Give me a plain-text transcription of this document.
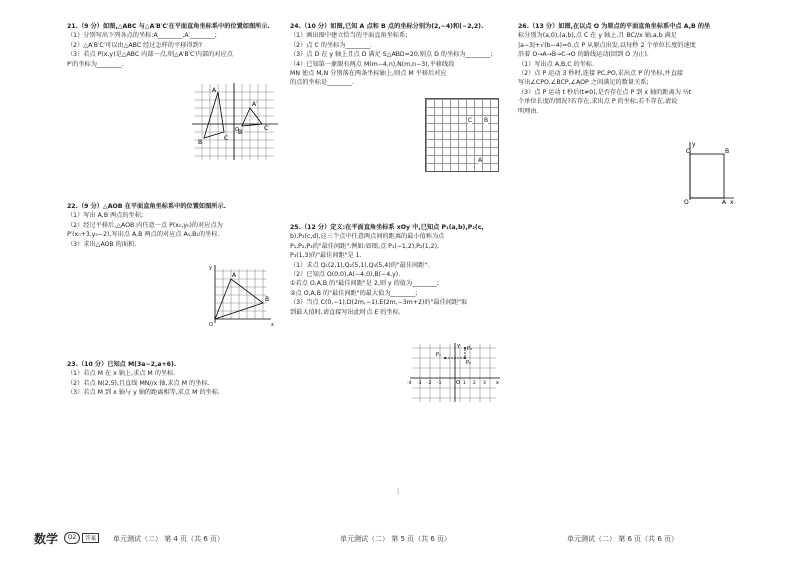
21.（9 分）如图,△ABC 与△A′B′C′在平面直角坐标系中的位置如图所示.

（1）分别写出下列各点的坐标:A________,A′________;

（2）△A′B′C′可以由△ABC 经过怎样的平移得到?

（3）若点 P(x,y)是△ABC 内部一点,则△A′B′C′内部的对应点

P′的坐标为________.

22.（9 分）△AOB 在平面直角坐标系中的位置如图所示.

（1）写出 A,B 两点的坐标;

（2）经过平移后,△AOB 内任意一点 P(x₀,y₀)的对应点为

P′(x₀+3,y₀−2),写出点 A,B 两点的对应点 A₁,B₁的坐标.

（3）求出△AOB 的面积.

23.（10 分）已知点 M(3a−2,a+6).

（1）若点 M 在 x 轴上,求点 M 的坐标.

（2）若点 N(2,5),且直线 MN//x 轴,求点 M 的坐标.

（3）若点 M 到 x 轴与 y 轴的距离相等,求点 M 的坐标.

A
A′
B
C
B′
C′
O
A
B
O	x
y

24.（10 分）如图,已知 A 点和 B 点的坐标分别为(2,−4)和(−2,2).

（1）画出图中建立恰当的平面直角坐标系;

（2）点 C 的坐标为________.

（3）点 D 在 y 轴上且点 D 满足 S△ABD=20,则点 D 的坐标为________;

（4）已知第一象限有两点 M(m−4,n),N(m,n−3),平移线段

MN 使点 M,N 分别落在两条坐标轴上,则点 M 平移后对应

的点的坐标是________.

C B
A

25.（12 分）定义:在平面直角坐标系 xOy 中,已知点 P₁(a,b),P₂(c,

b),P₃(c,d),这三个点中任意两点间的距离的最小值称为点

P₁,P₂,P₃的"最佳间距".例如:如图,点 P₁(−1,2),P₂(1,2),

P₃(1,3)的"最佳间距"是 1.

（1）求点 Q₁(2,1),Q₂(5,1),Q₃(5,4)的"最佳间距".

（2）已知点 O(0,0),A(−4,0),B(−4,y).

①若点 O,A,B 的"最佳间距"是 2,则 y 的值为________;

②点 O,A,B 的"最佳间距"的最大值为________;

（3）当点 C(0,−1),D(2m,−1),E(2m,−3m+2)的"最佳间距"取

到最大值时,请直接写出此时点 E 的坐标.

P₁
P₂
P₃
O	x
y
-4 -3 -2 -1	1 2 3

26.（13 分）如图,在以点 O 为原点的平面直角坐标系中点 A,B 的坐

标分别为(a,0),(a,b),点 C 在 y 轴上,且 BC//x 轴,a,b 满足

|a−3|+√(b−4)=0.点 P 从原点出发,以每秒 2 个单位长度的速度

沿着 O→A→B→C→O 的路线运动(回到 O 为止).

（1）写出点 A,B,C 的坐标.

（2）点 P 运动 3 秒时,连接 PC,PO,求出点 P 的坐标,并直接

写出∠CPO,∠BCP,∠AOP 之间满足的数量关系;

（3）点 P 运动 t 秒后(t≠0),是否存在点 P 到 x 轴的距离为 ½t

个单位长度的情况?若存在,求出点 P 的坐标;若不存在,请说

明理由.

C	B
O	A x
y
|
数学	O2	答案	单元测试（二） 第 4 页（共 6 页）	单元测试（二） 第 5 页（共 6 页）	单元测试（二） 第 6 页（共 6 页）
